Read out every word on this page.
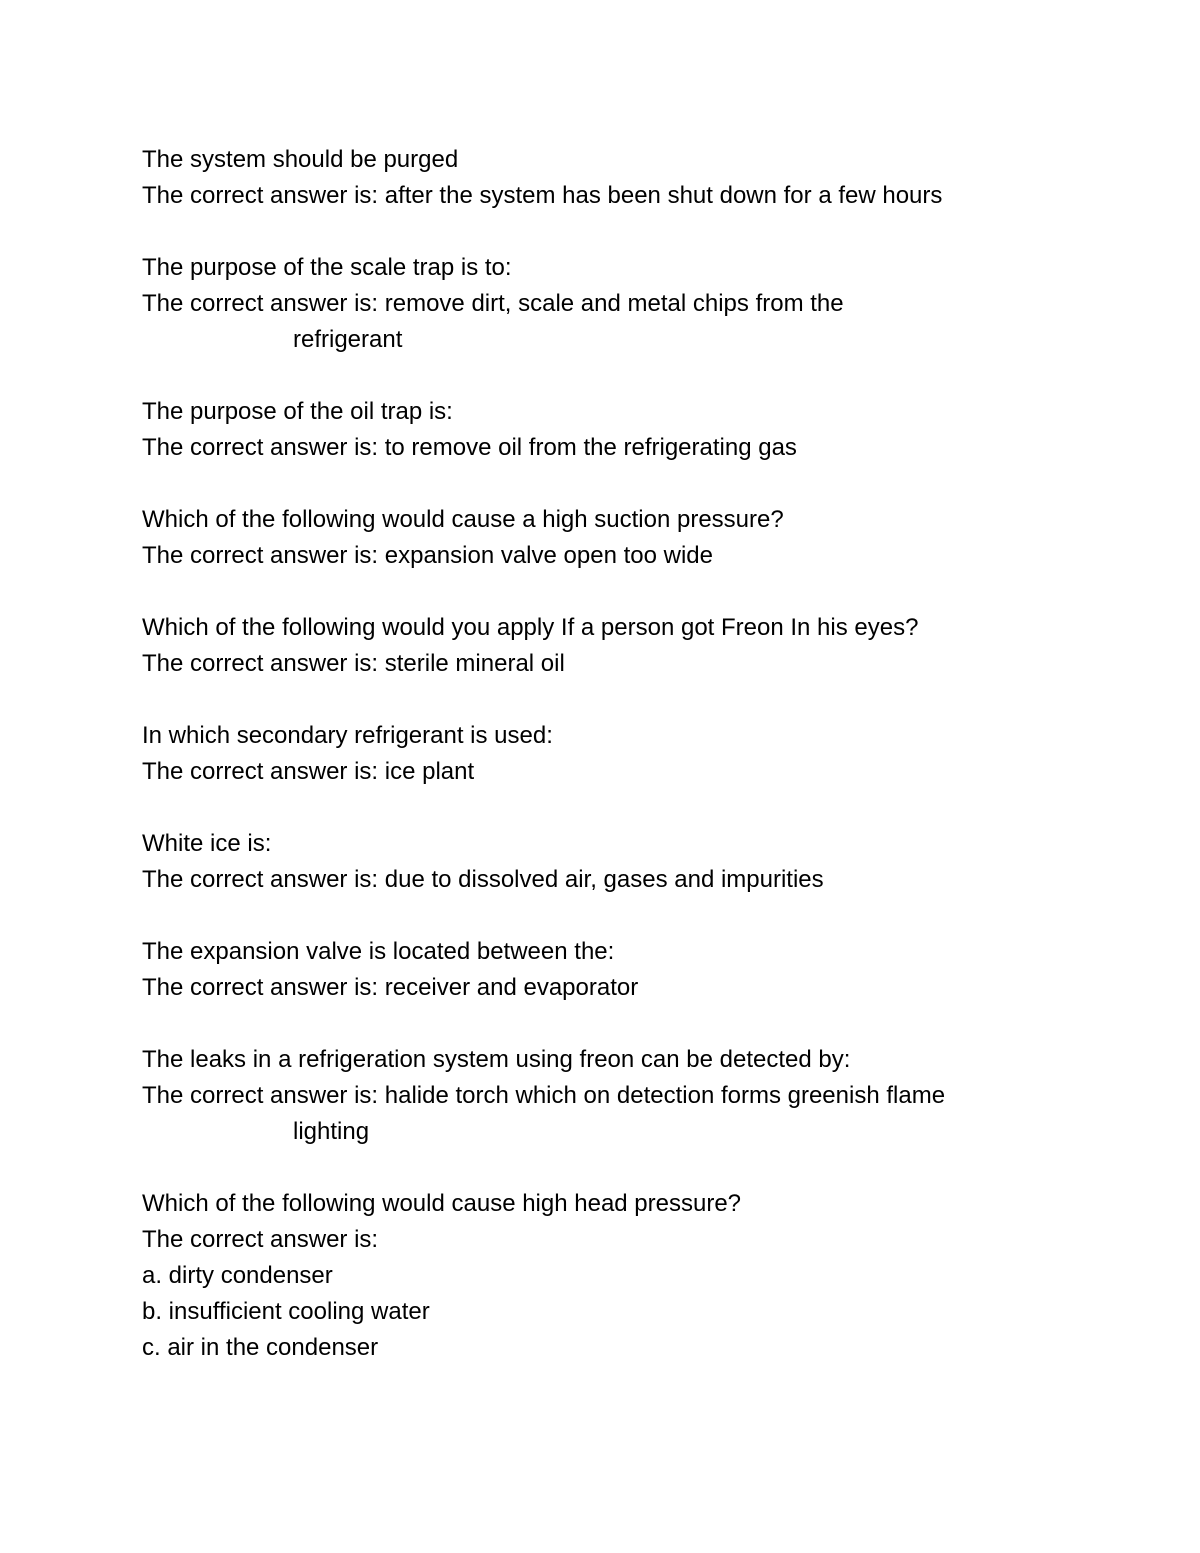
The system should be purged

The correct answer is: after the system has been shut down for a few hours

The purpose of the scale trap is to:

The correct answer is: remove dirt, scale and metal chips from the

refrigerant

The purpose of the oil trap is:

The correct answer is: to remove oil from the refrigerating gas

Which of the following would cause a high suction pressure?

The correct answer is: expansion valve open too wide

Which of the following would you apply If a person got Freon In his eyes?

The correct answer is: sterile mineral oil

In which secondary refrigerant is used:

The correct answer is: ice plant

White ice is:

The correct answer is: due to dissolved air, gases and impurities

The expansion valve is located between the:

The correct answer is: receiver and evaporator

The leaks in a refrigeration system using freon can be detected by:

The correct answer is: halide torch which on detection forms greenish flame

lighting

Which of the following would cause high head pressure?

The correct answer is:

a. dirty condenser

b. insufficient cooling water

c. air in the condenser
